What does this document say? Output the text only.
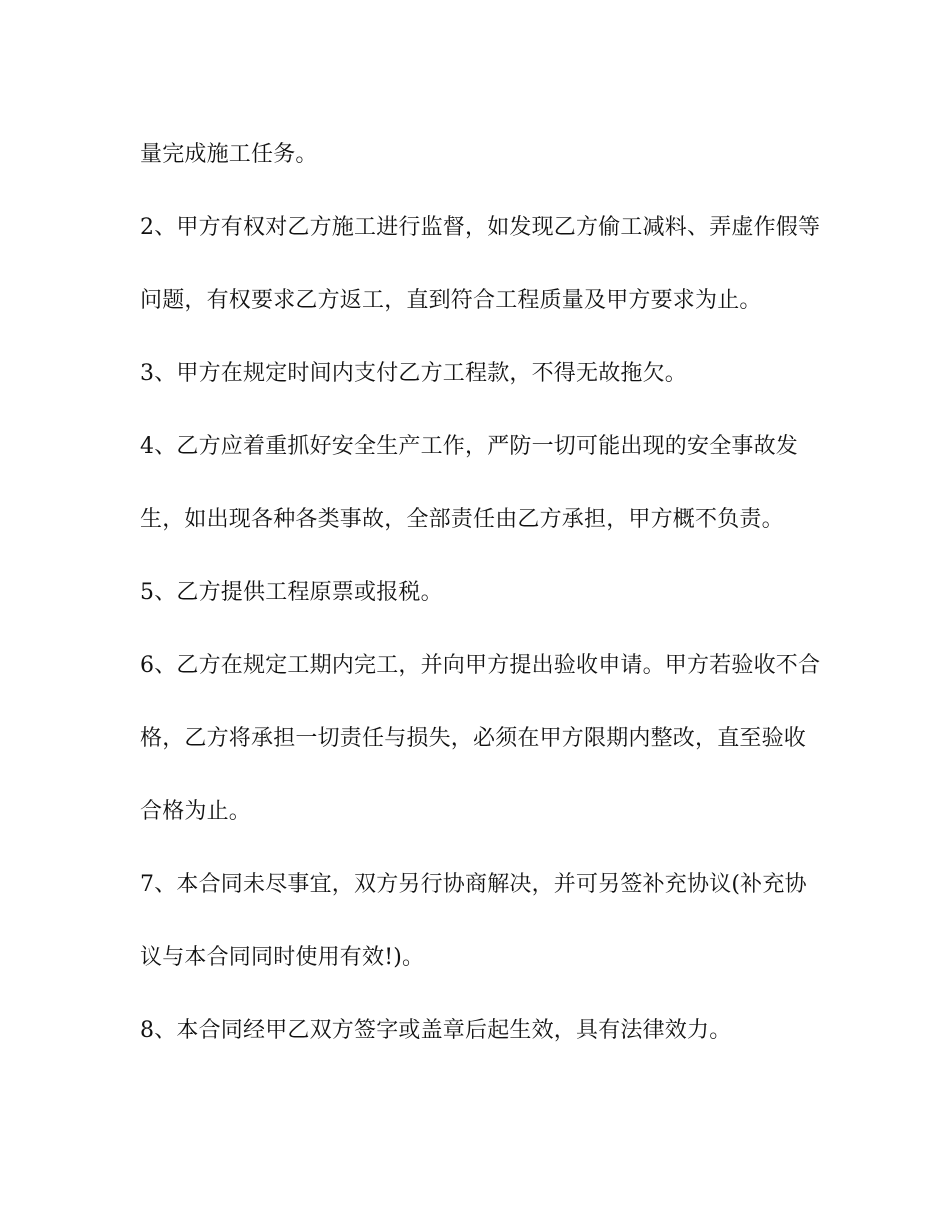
量完成施工任务。
2、甲方有权对乙方施工进行监督，如发现乙方偷工减料、弄虚作假等
问题，有权要求乙方返工，直到符合工程质量及甲方要求为止。
3、甲方在规定时间内支付乙方工程款，不得无故拖欠。
4、乙方应着重抓好安全生产工作，严防一切可能出现的安全事故发
生，如出现各种各类事故，全部责任由乙方承担，甲方概不负责。
5、乙方提供工程原票或报税。
6、乙方在规定工期内完工，并向甲方提出验收申请。甲方若验收不合
格，乙方将承担一切责任与损失，必须在甲方限期内整改，直至验收
合格为止。
7、本合同未尽事宜，双方另行协商解决，并可另签补充协议(补充协
议与本合同同时使用有效!)。
8、本合同经甲乙双方签字或盖章后起生效，具有法律效力。
